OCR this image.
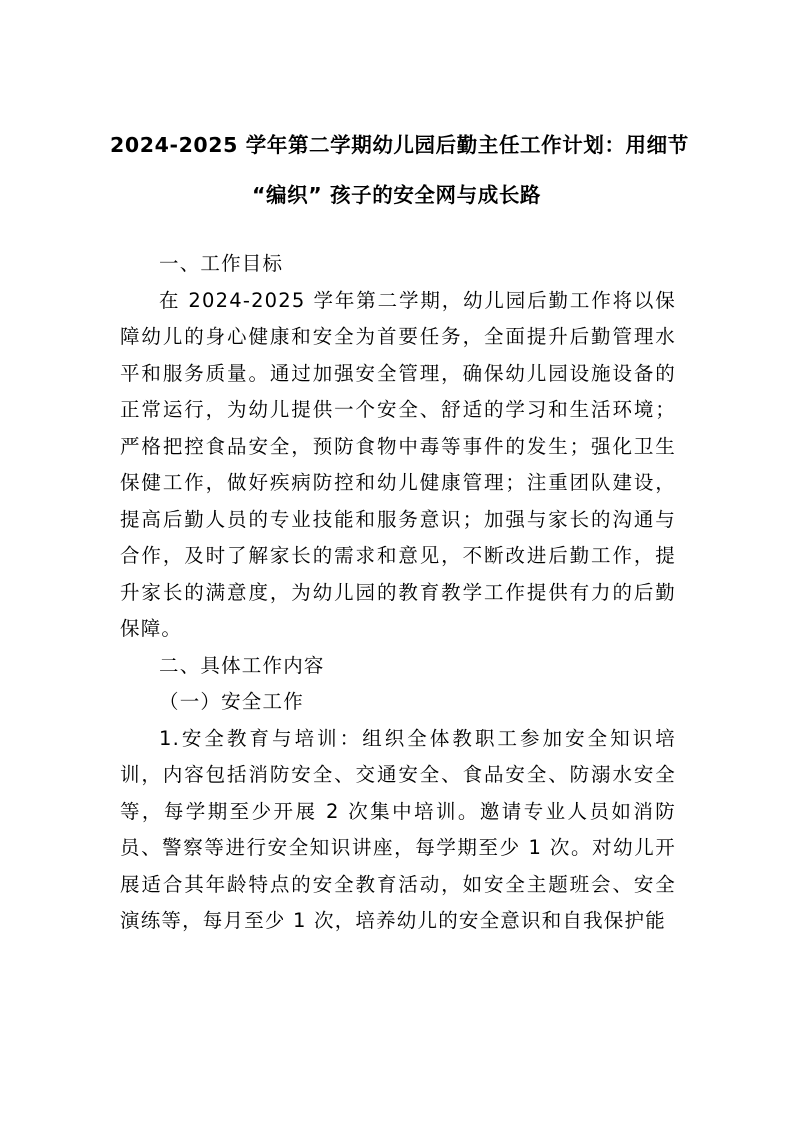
2024-2025 学年第二学期幼儿园后勤主任工作计划：用细节
“编织” 孩子的安全网与成长路

一、工作目标

在 2024-2025 学年第二学期，幼儿园后勤工作将以保障幼儿的身心健康和安全为首要任务，全面提升后勤管理水平和服务质量。通过加强安全管理，确保幼儿园设施设备的正常运行，为幼儿提供一个安全、舒适的学习和生活环境；严格把控食品安全，预防食物中毒等事件的发生；强化卫生保健工作，做好疾病防控和幼儿健康管理；注重团队建设，提高后勤人员的专业技能和服务意识；加强与家长的沟通与合作，及时了解家长的需求和意见，不断改进后勤工作，提升家长的满意度，为幼儿园的教育教学工作提供有力的后勤保障。

二、具体工作内容

（一）安全工作

1.安全教育与培训：组织全体教职工参加安全知识培训，内容包括消防安全、交通安全、食品安全、防溺水安全等，每学期至少开展 2 次集中培训。邀请专业人员如消防员、警察等进行安全知识讲座，每学期至少 1 次。对幼儿开展适合其年龄特点的安全教育活动，如安全主题班会、安全演练等，每月至少 1 次，培养幼儿的安全意识和自我保护能
